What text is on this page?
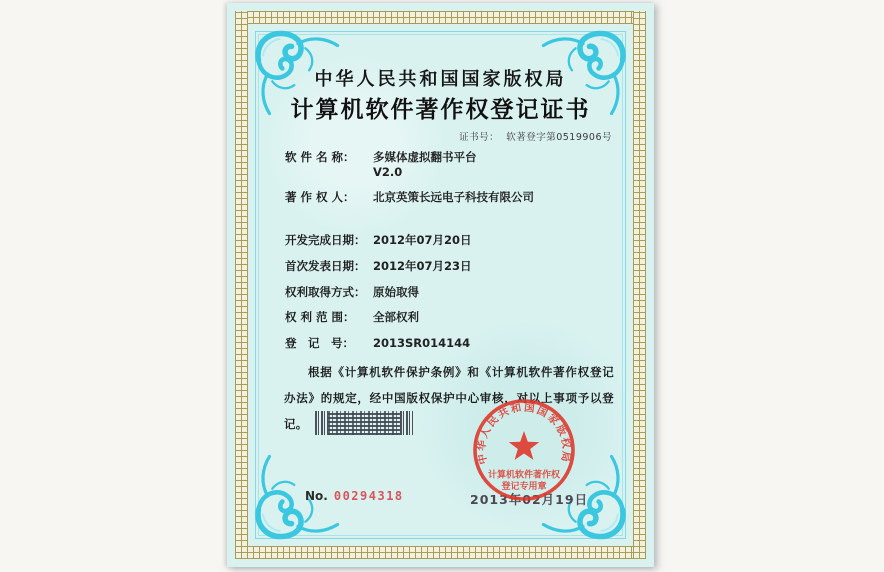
中华人民共和国国家版权局
计算机软件著作权登记证书
证书号： 软著登字第0519906号
软 件 名 称：	多媒体虚拟翻书平台
V2.0
著 作 权 人：	北京英策长远电子科技有限公司
开发完成日期： 2012年07月20日
首次发表日期： 2012年07月23日
权利取得方式： 原始取得
权 利 范 围：	全部权利
登　记　号：	2013SR014144
根据《计算机软件保护条例》和《计算机软件著作权登记办法》的规定，经中国版权保护中心审核，对以上事项予以登记。
2013年02月19日
中华人民共和国国家版权局
计算机软件著作权
登记专用章
No. 00294318
